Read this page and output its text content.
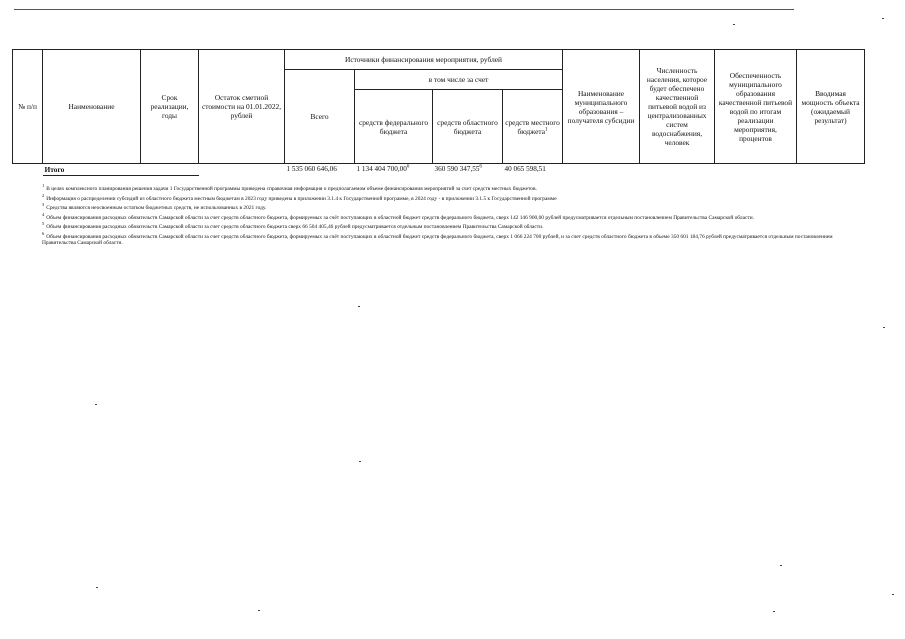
№ п/п	Наименование	Срок реализации, годы	Остаток сметной стоимости на 01.01.2022, рублей	Источники финансирования мероприятия, рублей				Наименование муниципального образования – получателя субсидии	Численность населения, которое будет обеспечено качественной питьевой водой из централизованных систем водоснабжения, человек	Обеспеченность муниципального образования качественной питьевой водой по итогам реализации мероприятия, процентов	Вводимая мощность объекта (ожидаемый результат)
				Всего	в том числе за счет						
					средств федерального бюджета	средств областного бюджета	средств местного бюджета$^1$
	Итого			1 535 060 646,06	1 134 404 700,00$^6$	360 590 347,55$^6$	40 065 598,51				
$^1$В целях комплексного планирования решения задачи 1 Государственной программы приведена справочная информация о предполагаемом объеме финансирования мероприятий за счет средств местных бюджетов.
$^2$Информация о распределении субсидий из областного бюджета местным бюджетам в 2023 году приведена в приложении 3.1.4 к Государственной программе, в 2024 году - в приложении 3.1.5 к Государственной программе
$^3$Средства являются неосвоенным остатком бюджетных средств, не использованных в 2021 году.
$^4$Объем финансирования расходных обязательств Самарской области за счет средств областного бюджета, формируемых за счёт поступающих в областной бюджет средств федерального бюджета, сверх 142 146 900,00 рублей предусматривается отдельным постановлением Правительства Самарской области.
$^5$Объем финансирования расходных обязательств Самарской области за счет средств областного бюджета сверх 66 504 405,46 рублей предусматривается отдельным постановлением Правительства Самарской области.
$^6$Объем финансирования расходных обязательств Самарской области за счет средств областного бюджета, формируемых за счёт поступающих в областной бюджет средств федерального бюджета, сверх 1 066 224 700 рублей, и за счет средств областного бюджета в объеме 350 601 184,76 рублей предусматривается отдельным постановлением Правительства Самарской области.
